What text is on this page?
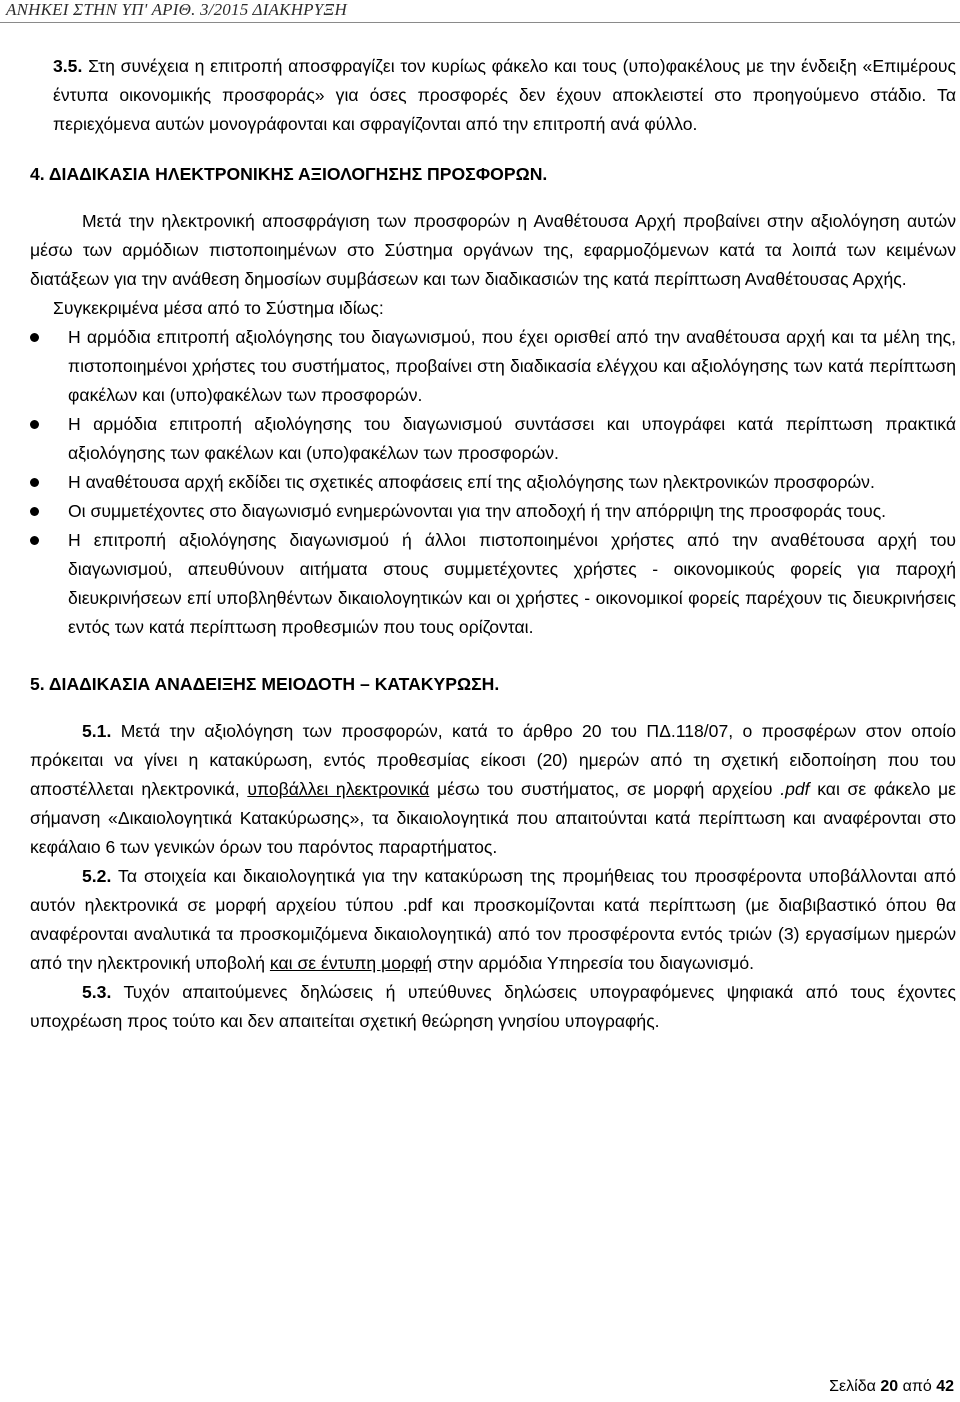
ΑΝΗΚΕΙ ΣΤΗΝ ΥΠ' ΑΡΙΘ. 3/2015 ΔΙΑΚΗΡΥΞΗ

3.5. Στη συνέχεια η επιτροπή αποσφραγίζει τον κυρίως φάκελο και τους (υπο)φακέλους με την ένδειξη «Επιμέρους έντυπα οικονομικής προσφοράς» για όσες προσφορές δεν έχουν αποκλειστεί στο προηγούμενο στάδιο. Τα περιεχόμενα αυτών μονογράφονται και σφραγίζονται από την επιτροπή ανά φύλλο.

4. ΔΙΑΔΙΚΑΣΙΑ ΗΛΕΚΤΡΟΝΙΚΗΣ ΑΞΙΟΛΟΓΗΣΗΣ ΠΡΟΣΦΟΡΩΝ.

Μετά την ηλεκτρονική αποσφράγιση των προσφορών η Αναθέτουσα Αρχή προβαίνει στην αξιολόγηση αυτών μέσω των αρμόδιων πιστοποιημένων στο Σύστημα οργάνων της, εφαρμοζόμενων κατά τα λοιπά των κειμένων διατάξεων για την ανάθεση δημοσίων συμβάσεων και των διαδικασιών της κατά περίπτωση Αναθέτουσας Αρχής.

Συγκεκριμένα μέσα από το Σύστημα ιδίως:

Η αρμόδια επιτροπή αξιολόγησης του διαγωνισμού, που έχει ορισθεί από την αναθέτουσα αρχή και τα μέλη της, πιστοποιημένοι χρήστες του συστήματος, προβαίνει στη διαδικασία ελέγχου και αξιολόγησης των κατά περίπτωση φακέλων και (υπο)φακέλων των προσφορών.
Η αρμόδια επιτροπή αξιολόγησης του διαγωνισμού συντάσσει και υπογράφει κατά περίπτωση πρακτικά αξιολόγησης των φακέλων και (υπο)φακέλων των προσφορών.
Η αναθέτουσα αρχή εκδίδει τις σχετικές αποφάσεις επί της αξιολόγησης των ηλεκτρονικών προσφορών.
Οι συμμετέχοντες στο διαγωνισμό ενημερώνονται για την αποδοχή ή την απόρριψη της προσφοράς τους.
Η επιτροπή αξιολόγησης διαγωνισμού ή άλλοι πιστοποιημένοι χρήστες από την αναθέτουσα αρχή του διαγωνισμού, απευθύνουν αιτήματα στους συμμετέχοντες χρήστες - οικονομικούς φορείς για παροχή διευκρινήσεων επί υποβληθέντων δικαιολογητικών και οι χρήστες - οικονομικοί φορείς παρέχουν τις διευκρινήσεις εντός των κατά περίπτωση προθεσμιών που τους ορίζονται.
5. ΔΙΑΔΙΚΑΣΙΑ ΑΝΑΔΕΙΞΗΣ ΜΕΙΟΔΟΤΗ – ΚΑΤΑΚΥΡΩΣΗ.

5.1. Μετά την αξιολόγηση των προσφορών, κατά το άρθρο 20 του ΠΔ.118/07, ο προσφέρων στον οποίο πρόκειται να γίνει η κατακύρωση, εντός προθεσμίας είκοσι (20) ημερών από τη σχετική ειδοποίηση που του αποστέλλεται ηλεκτρονικά, υποβάλλει ηλεκτρονικά μέσω του συστήματος, σε μορφή αρχείου .pdf και σε φάκελο με σήμανση «Δικαιολογητικά Κατακύρωσης», τα δικαιολογητικά που απαιτούνται κατά περίπτωση και αναφέρονται στο κεφάλαιο 6 των γενικών όρων του παρόντος παραρτήματος.

5.2. Τα στοιχεία και δικαιολογητικά για την κατακύρωση της προμήθειας του προσφέροντα υποβάλλονται από αυτόν ηλεκτρονικά σε μορφή αρχείου τύπου .pdf και προσκομίζονται κατά περίπτωση (με διαβιβαστικό όπου θα αναφέρονται αναλυτικά τα προσκομιζόμενα δικαιολογητικά) από τον προσφέροντα εντός τριών (3) εργασίμων ημερών από την ηλεκτρονική υποβολή και σε έντυπη μορφή στην αρμόδια Υπηρεσία του διαγωνισμό.

5.3. Τυχόν απαιτούμενες δηλώσεις ή υπεύθυνες δηλώσεις υπογραφόμενες ψηφιακά από τους έχοντες υποχρέωση προς τούτο και δεν απαιτείται σχετική θεώρηση γνησίου υπογραφής.

Σελίδα 20 από 42
